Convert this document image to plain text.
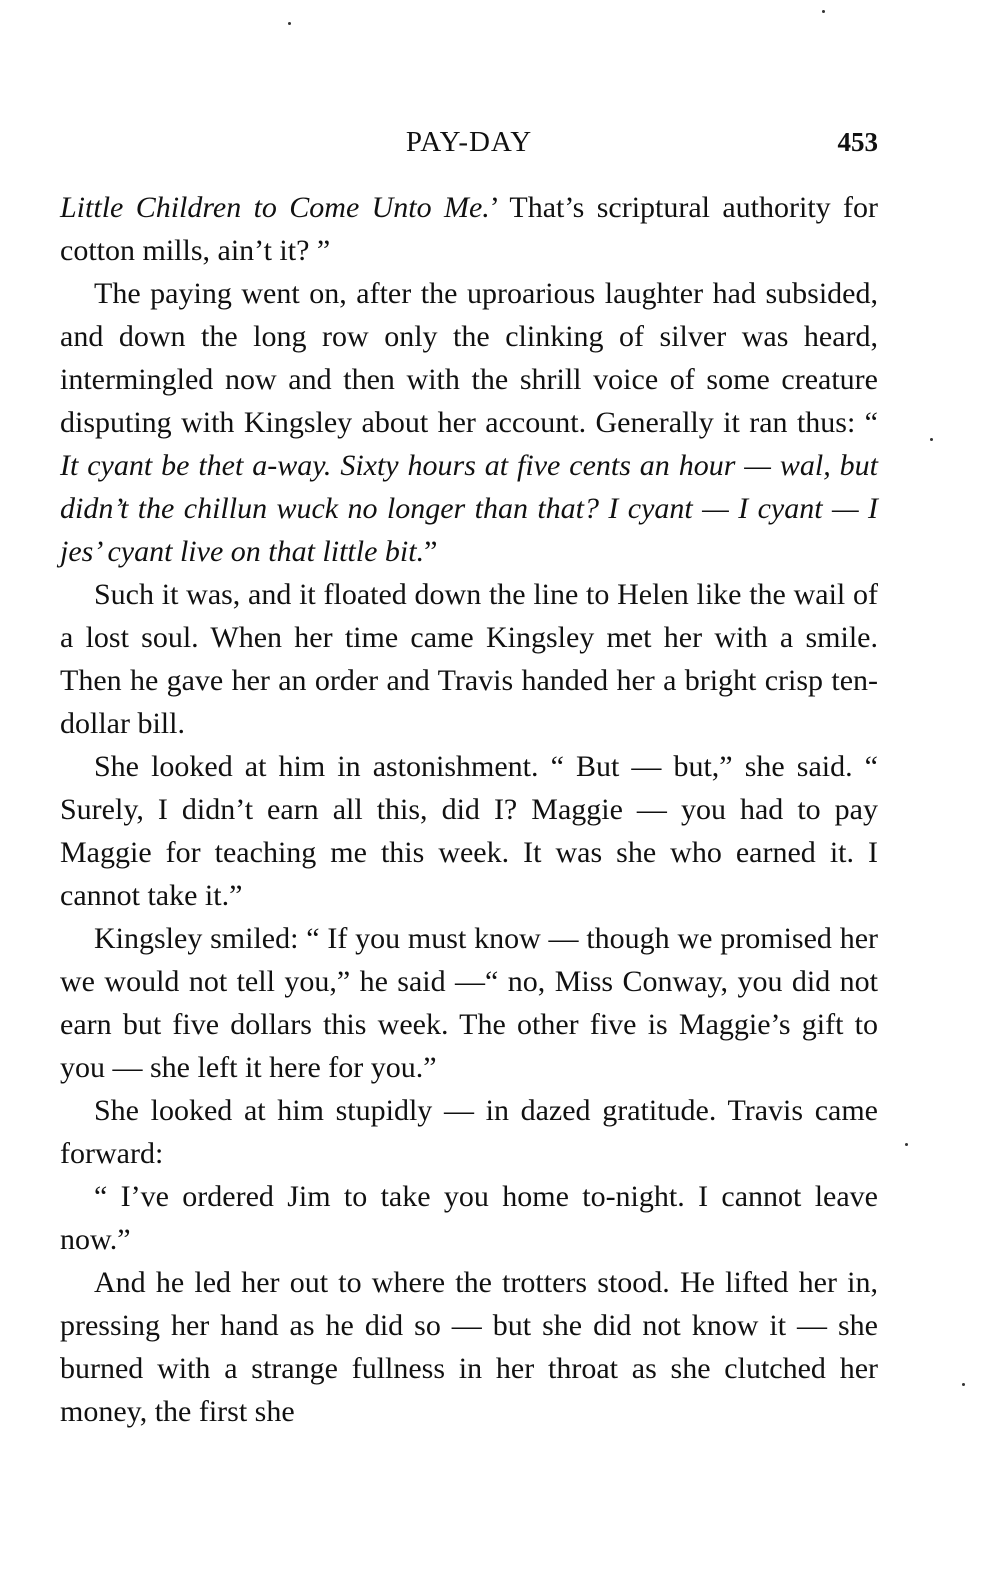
PAY-DAY	453

Little Children to Come Unto Me.’ That’s scriptural authority for cotton mills, ain’t it? ”

The paying went on, after the uproarious laughter had subsided, and down the long row only the clinking of silver was heard, intermingled now and then with the shrill voice of some creature disputing with Kingsley about her account. Generally it ran thus: “ It cyant be thet a-way. Sixty hours at five cents an hour — wal, but didn’t the chillun wuck no longer than that? I cyant — I cyant — I jes’ cyant live on that little bit.”

Such it was, and it floated down the line to Helen like the wail of a lost soul. When her time came Kingsley met her with a smile. Then he gave her an order and Travis handed her a bright crisp ten-dollar bill.

She looked at him in astonishment. “ But — but,” she said. “ Surely, I didn’t earn all this, did I? Maggie — you had to pay Maggie for teaching me this week. It was she who earned it. I cannot take it.”

Kingsley smiled: “ If you must know — though we promised her we would not tell you,” he said —“ no, Miss Conway, you did not earn but five dollars this week. The other five is Maggie’s gift to you — she left it here for you.”

She looked at him stupidly — in dazed gratitude. Travis came forward:

“ I’ve ordered Jim to take you home to-night. I cannot leave now.”

And he led her out to where the trotters stood. He lifted her in, pressing her hand as he did so — but she did not know it — she burned with a strange fullness in her throat as she clutched her money, the first she
